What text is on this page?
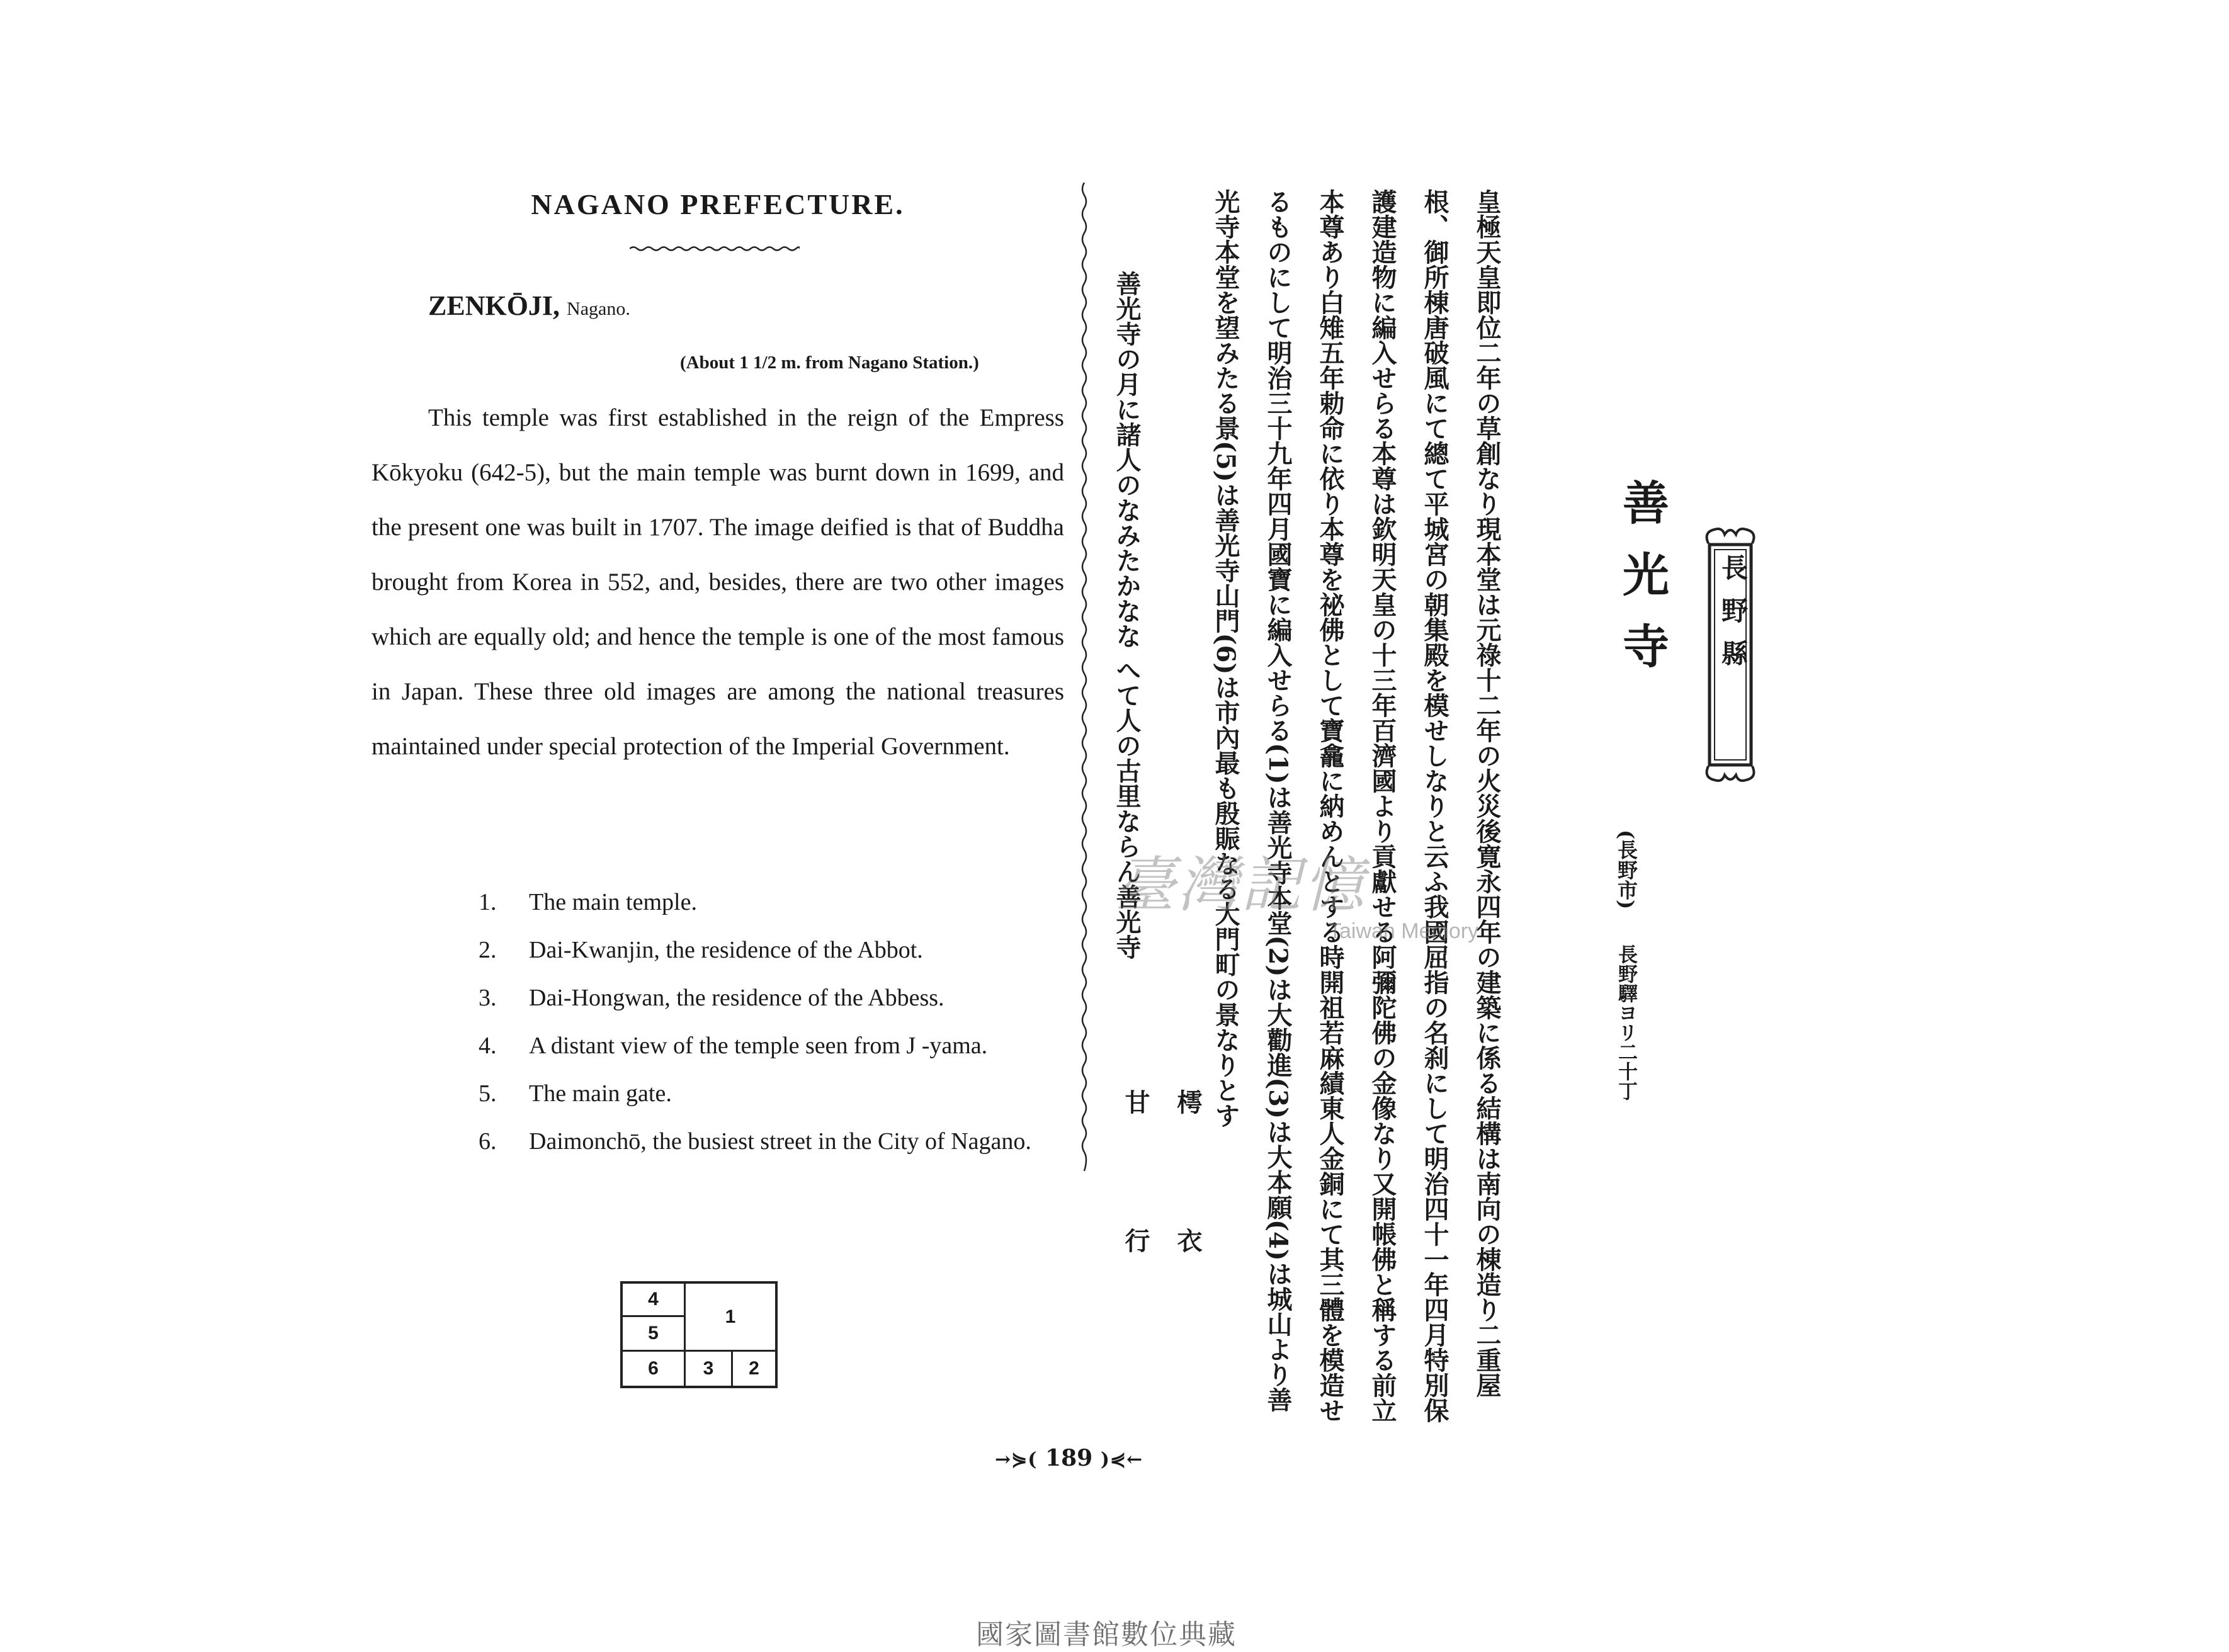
NAGANO PREFECTURE.
ZENKŌJI, Nagano.
(About 1 1/2 m. from Nagano Station.)
This temple was first established in the reign of the Empress Kōkyoku (642-5), but the main temple was burnt down in 1699, and the present one was built in 1707. The image deified is that of Buddha brought from Korea in 552, and, besides, there are two other images which are equally old; and hence the temple is one of the most famous in Japan. These three old images are among the national treasures maintained under special protection of the Imperial Government.
1. The main temple.
2. Dai-Kwanjin, the residence of the Abbot.
3. Dai-Hongwan, the residence of the Abbess.
4. A distant view of the temple seen from J -yama.
5. The main gate.
6. Daimonchō, the busiest street in the City of Nagano.
4
5
6
1
3	2
善光寺の月に諸人のなみたかなな へて人の古里ならん善光寺
樗衣
甘行	皇極天皇即位二年の草創なり現本堂は元祿十二年の火災後寛永四年の建築に係る結構は南向の棟造り二重屋根、御所棟唐破風にて總て平城宮の朝集殿を模せしなりと云ふ我國屈指の名刹にして明治四十一年四月特別保護建造物に編入せらる本尊は欽明天皇の十三年百濟國より貢獻せる阿彌陀佛の金像なり又開帳佛と稱する前立本尊あり白雉五年勅命に依り本尊を祕佛として寶龕に納めんとする時開祖若麻績東人金銅にて其三體を模造せるものにして明治三十九年四月國寶に編入せらる(1)は善光寺本堂(2)は大勸進(3)は大本願(4)は城山より善光寺本堂を望みたる景(5)は善光寺山門(6)は市內最も殷賑なる大門町の景なりとす	善光寺
(長野市)
長野驛ヨリ二十丁
長野縣
臺灣記憶
Taiwan Memory
→⋟( 189 )⋞←
國家圖書館數位典藏
